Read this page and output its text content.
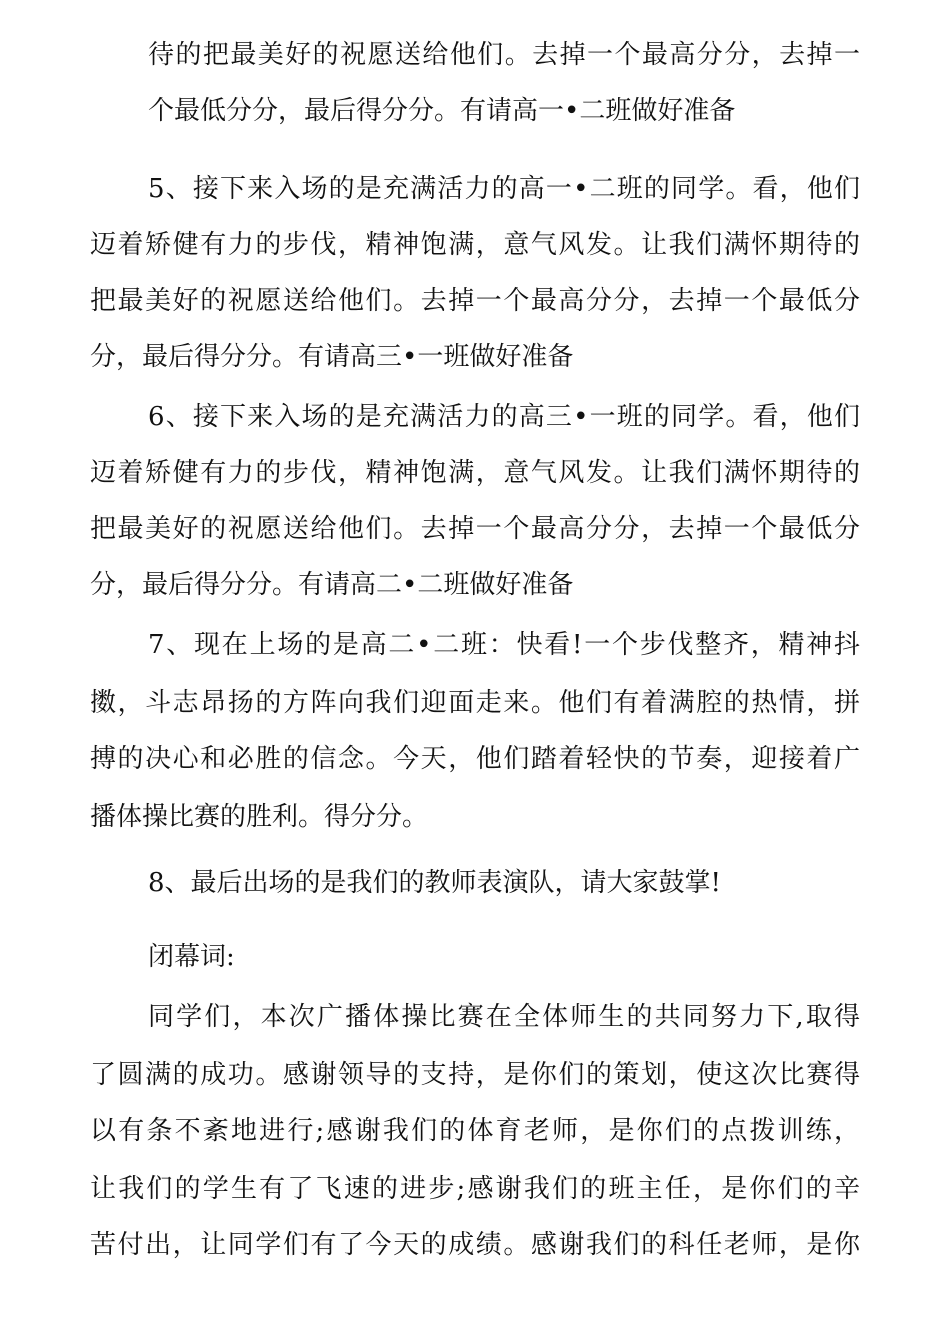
待的把最美好的祝愿送给他们。去掉一个最高分分，去掉一
个最低分分，最后得分分。有请高一•二班做好准备
5、接下来入场的是充满活力的高一•二班的同学。看，他们
迈着矫健有力的步伐，精神饱满，意气风发。让我们满怀期待的
把最美好的祝愿送给他们。去掉一个最高分分，去掉一个最低分
分，最后得分分。有请高三•一班做好准备
6、接下来入场的是充满活力的高三•一班的同学。看，他们
迈着矫健有力的步伐，精神饱满，意气风发。让我们满怀期待的
把最美好的祝愿送给他们。去掉一个最高分分，去掉一个最低分
分，最后得分分。有请高二•二班做好准备
7、现在上场的是高二•二班：快看!一个步伐整齐，精神抖
擞，斗志昂扬的方阵向我们迎面走来。他们有着满腔的热情，拼
搏的决心和必胜的信念。今天，他们踏着轻快的节奏，迎接着广
播体操比赛的胜利。得分分。
8、最后出场的是我们的教师表演队，请大家鼓掌!
闭幕词:
同学们，本次广播体操比赛在全体师生的共同努力下,取得
了圆满的成功。感谢领导的支持，是你们的策划，使这次比赛得
以有条不紊地进行;感谢我们的体育老师，是你们的点拨训练，
让我们的学生有了飞速的进步;感谢我们的班主任，是你们的辛
苦付出，让同学们有了今天的成绩。感谢我们的科任老师，是你
